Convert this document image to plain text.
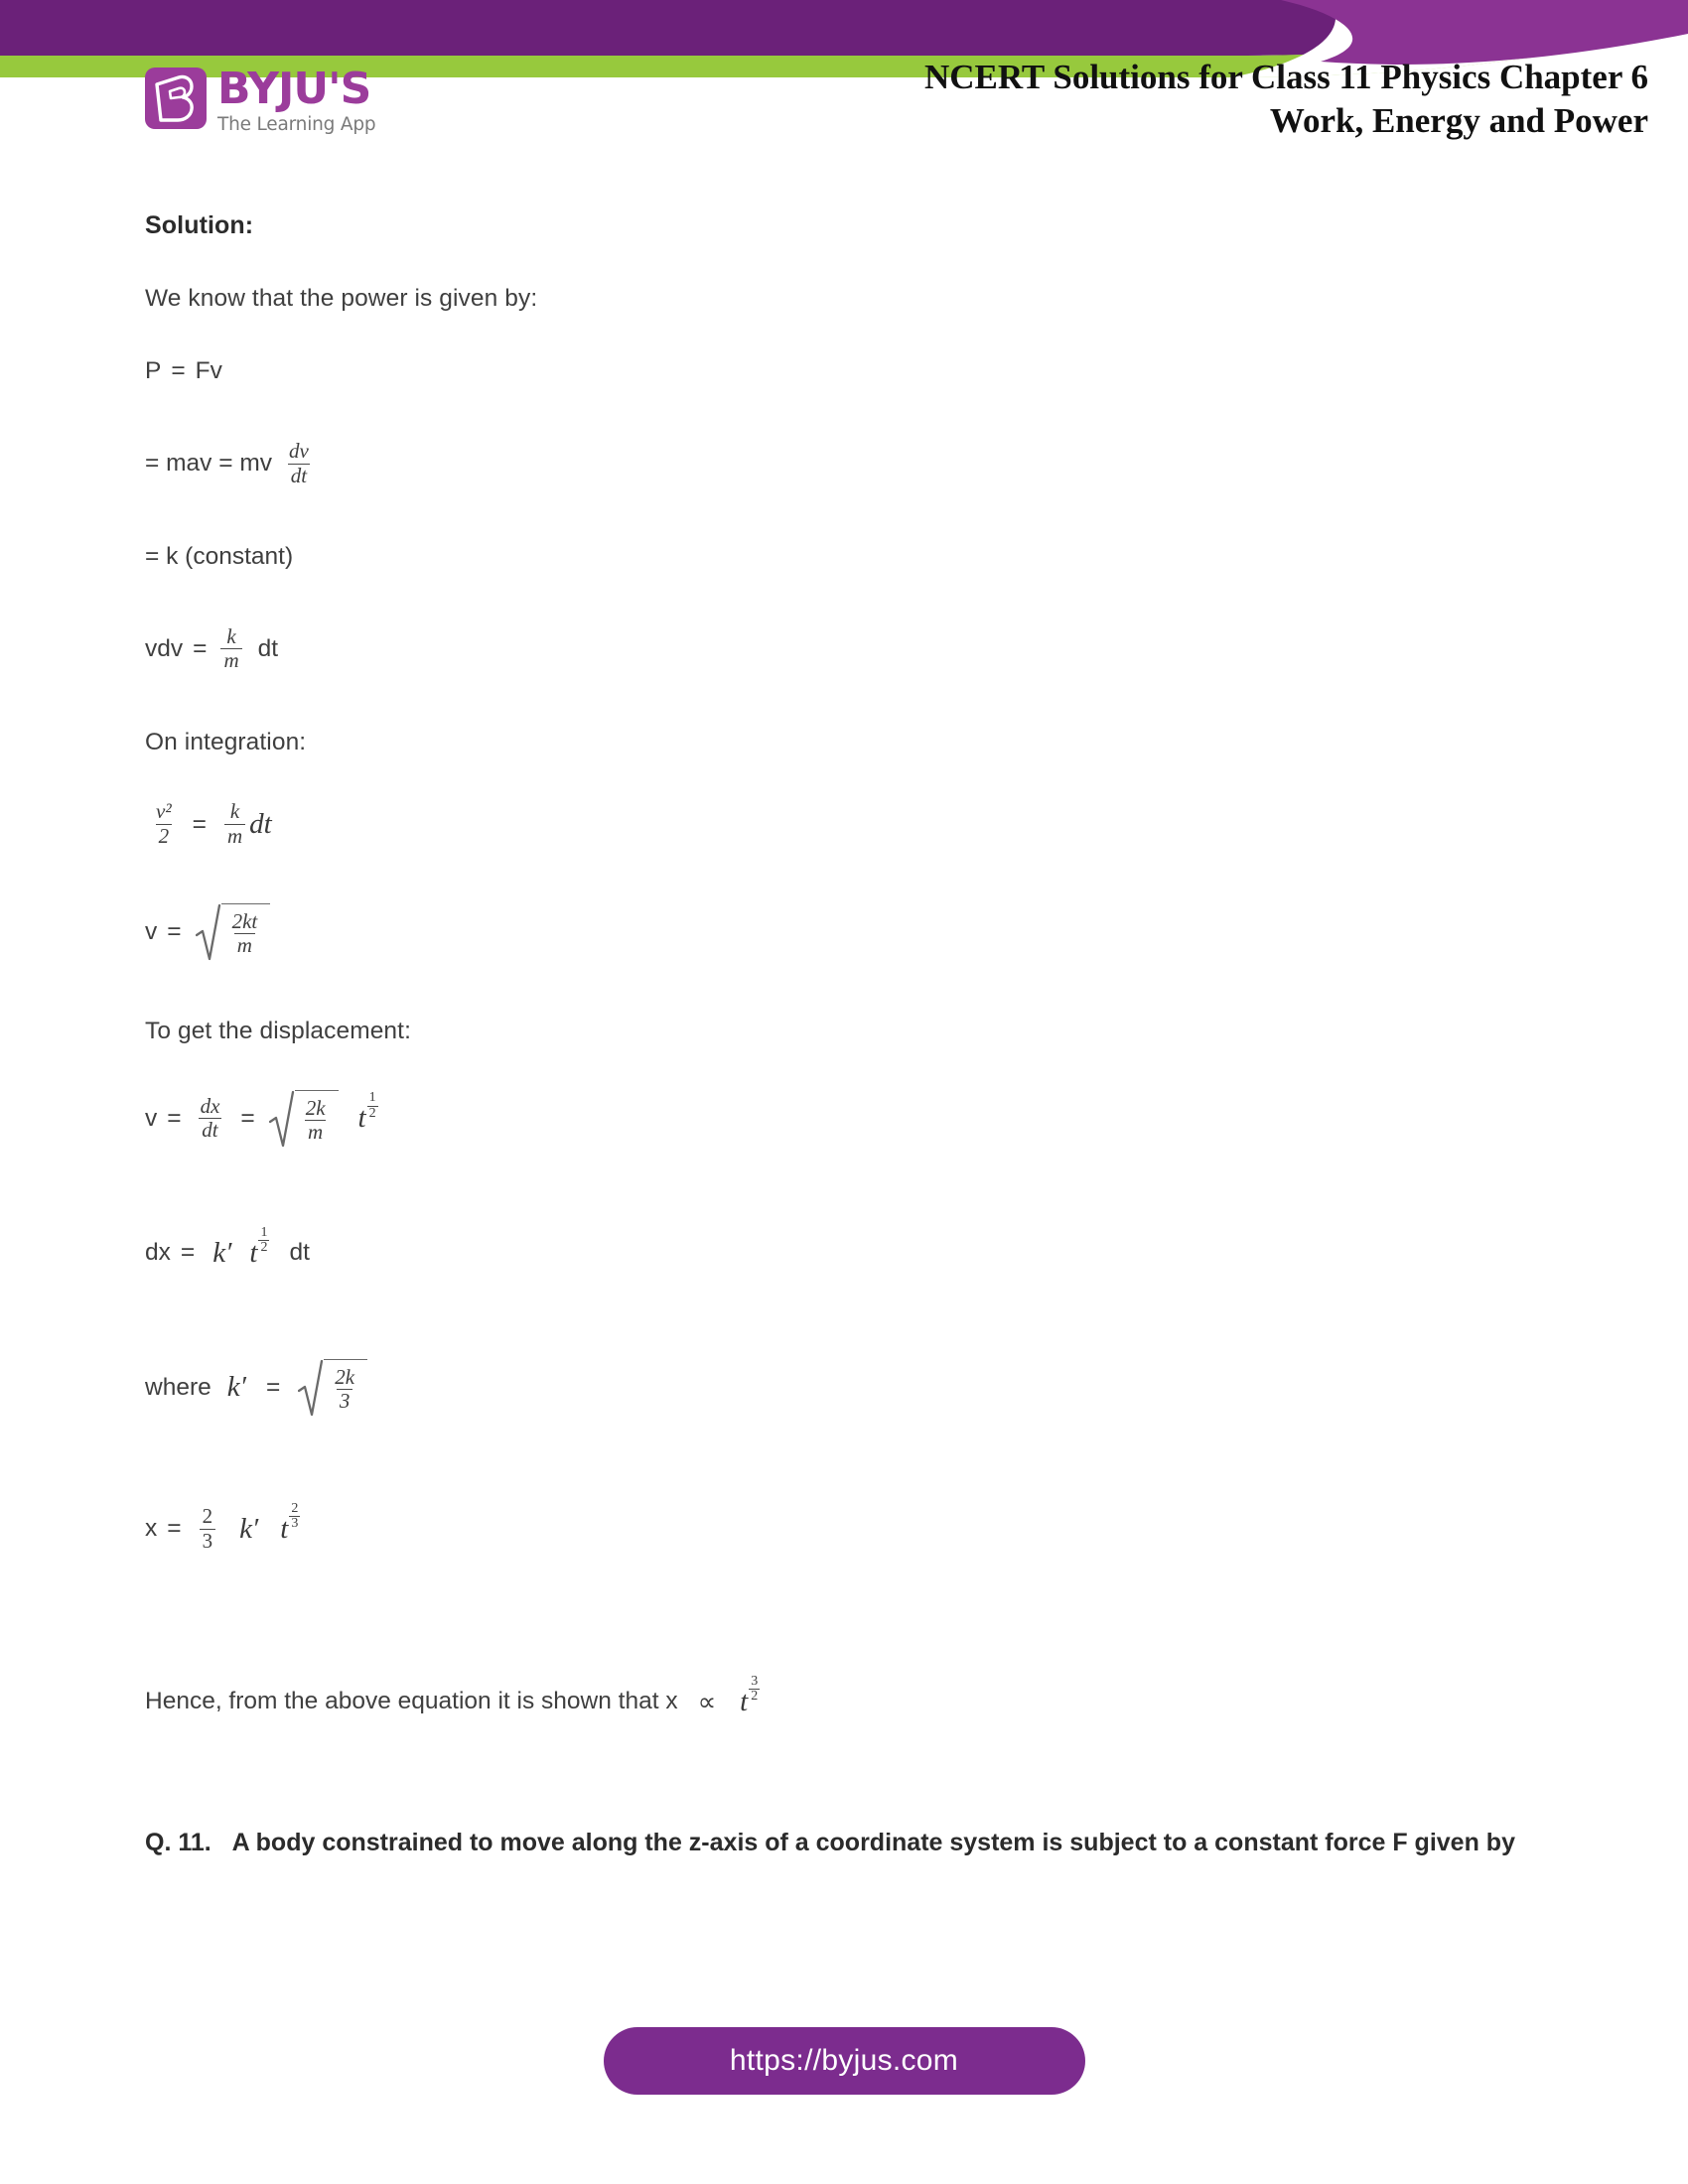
BYJU'S
The Learning App
NCERT Solutions for Class 11 Physics Chapter 6
Work, Energy and Power
Solution:
We know that the power is given by:
P = Fv
= mav = mv $\frac{dv}{dt}$
= k (constant)
vdv = $\frac{k}{m}$ dt
On integration:
$\frac{\text{v²}}{2} = \frac{k}{m}$ dt
$v = \frac{2kt}{m}$
To get the displacement:
$v = \frac{dx}{dt} = \frac{2k}{m}$ t $\frac{1}{2}$
dx = k′ t $\frac{1}{2}$ dt
where $k' = \frac{2k}{3}$
$x = \frac{2}{3} k'$ t $\frac{2}{3}$
Hence, from the above equation it is shown that x ∝ t $\frac{3}{2}$
Q. 11. A body constrained to move along the z-axis of a coordinate system is subject to a constant force F given by
https://byjus.com
